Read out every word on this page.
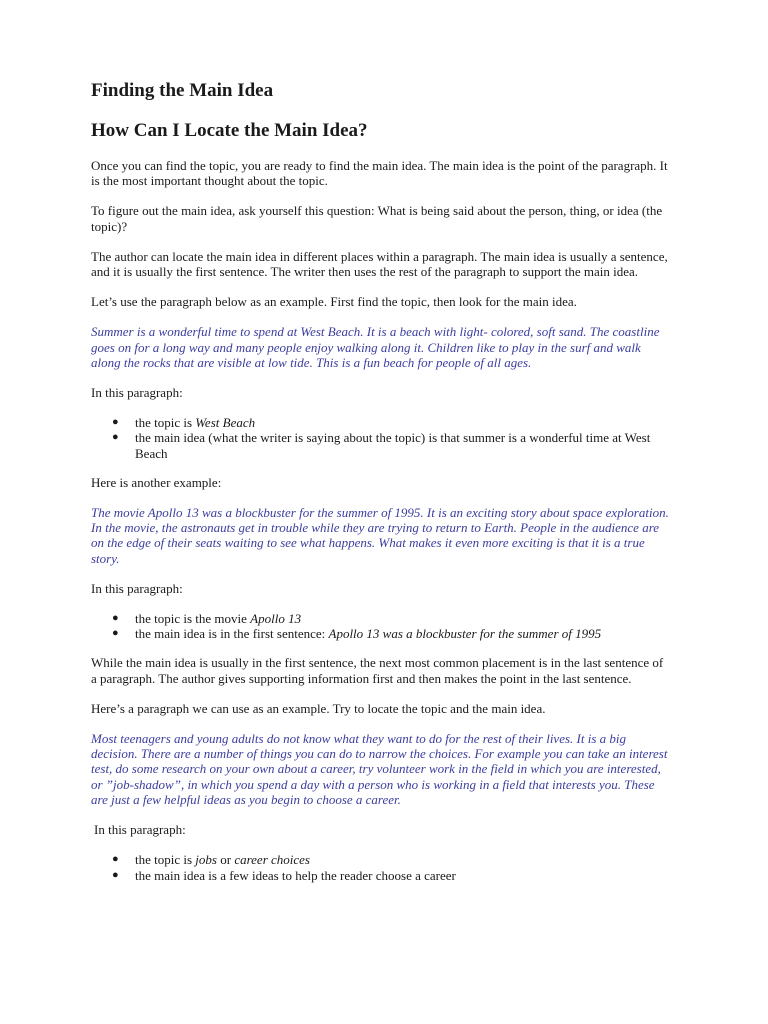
Finding the Main Idea
How Can I Locate the Main Idea?

Once you can find the topic, you are ready to find the main idea. The main idea is the point of the paragraph. It is the most important thought about the topic.

To figure out the main idea, ask yourself this question: What is being said about the person, thing, or idea (the topic)?

The author can locate the main idea in different places within a paragraph. The main idea is usually a sentence, and it is usually the first sentence. The writer then uses the rest of the paragraph to support the main idea.

Let’s use the paragraph below as an example. First find the topic, then look for the main idea.

Summer is a wonderful time to spend at West Beach. It is a beach with light- colored, soft sand. The coastline goes on for a long way and many people enjoy walking along it. Children like to play in the surf and walk along the rocks that are visible at low tide. This is a fun beach for people of all ages.

In this paragraph:

● the topic is West Beach
● the main idea (what the writer is saying about the topic) is that summer is a wonderful time at West Beach

Here is another example:

The movie Apollo 13 was a blockbuster for the summer of 1995. It is an exciting story about space exploration. In the movie, the astronauts get in trouble while they are trying to return to Earth. People in the audience are on the edge of their seats waiting to see what happens. What makes it even more exciting is that it is a true story.

In this paragraph:

● the topic is the movie Apollo 13
● the main idea is in the first sentence: Apollo 13 was a blockbuster for the summer of 1995

While the main idea is usually in the first sentence, the next most common placement is in the last sentence of a paragraph. The author gives supporting information first and then makes the point in the last sentence.

Here’s a paragraph we can use as an example. Try to locate the topic and the main idea.

Most teenagers and young adults do not know what they want to do for the rest of their lives. It is a big decision. There are a number of things you can do to narrow the choices. For example you can take an interest test, do some research on your own about a career, try volunteer work in the field in which you are interested, or ”job-shadow”, in which you spend a day with a person who is working in a field that interests you. These are just a few helpful ideas as you begin to choose a career.

In this paragraph:

● the topic is jobs or career choices
● the main idea is a few ideas to help the reader choose a career
